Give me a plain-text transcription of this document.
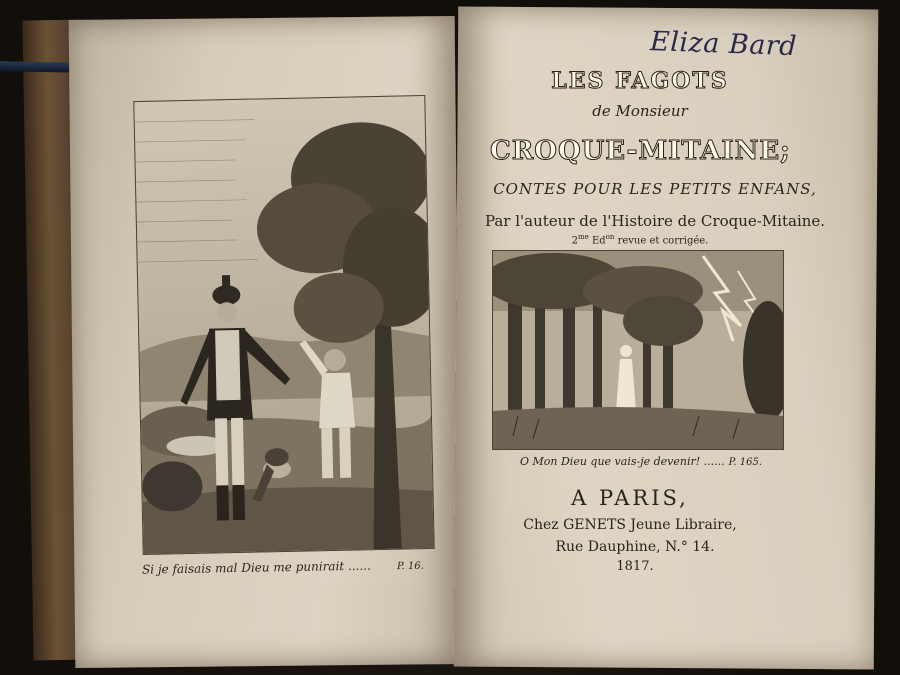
Si je faisais mal Dieu me punirait ......	P. 16.
Eliza Bard
LES FAGOTS
de Monsieur
CROQUE-MITAINE;
CONTES POUR LES PETITS ENFANS,
Par l'auteur de l'Histoire de Croque-Mitaine.
$2^{me}$ $Ed^{on}$ revue et corrigée.
O Mon Dieu que vais-je devenir! ...... P. 165.
A PARIS,
Chez GENETS Jeune Libraire,
Rue Dauphine, N.° 14.
1817.
